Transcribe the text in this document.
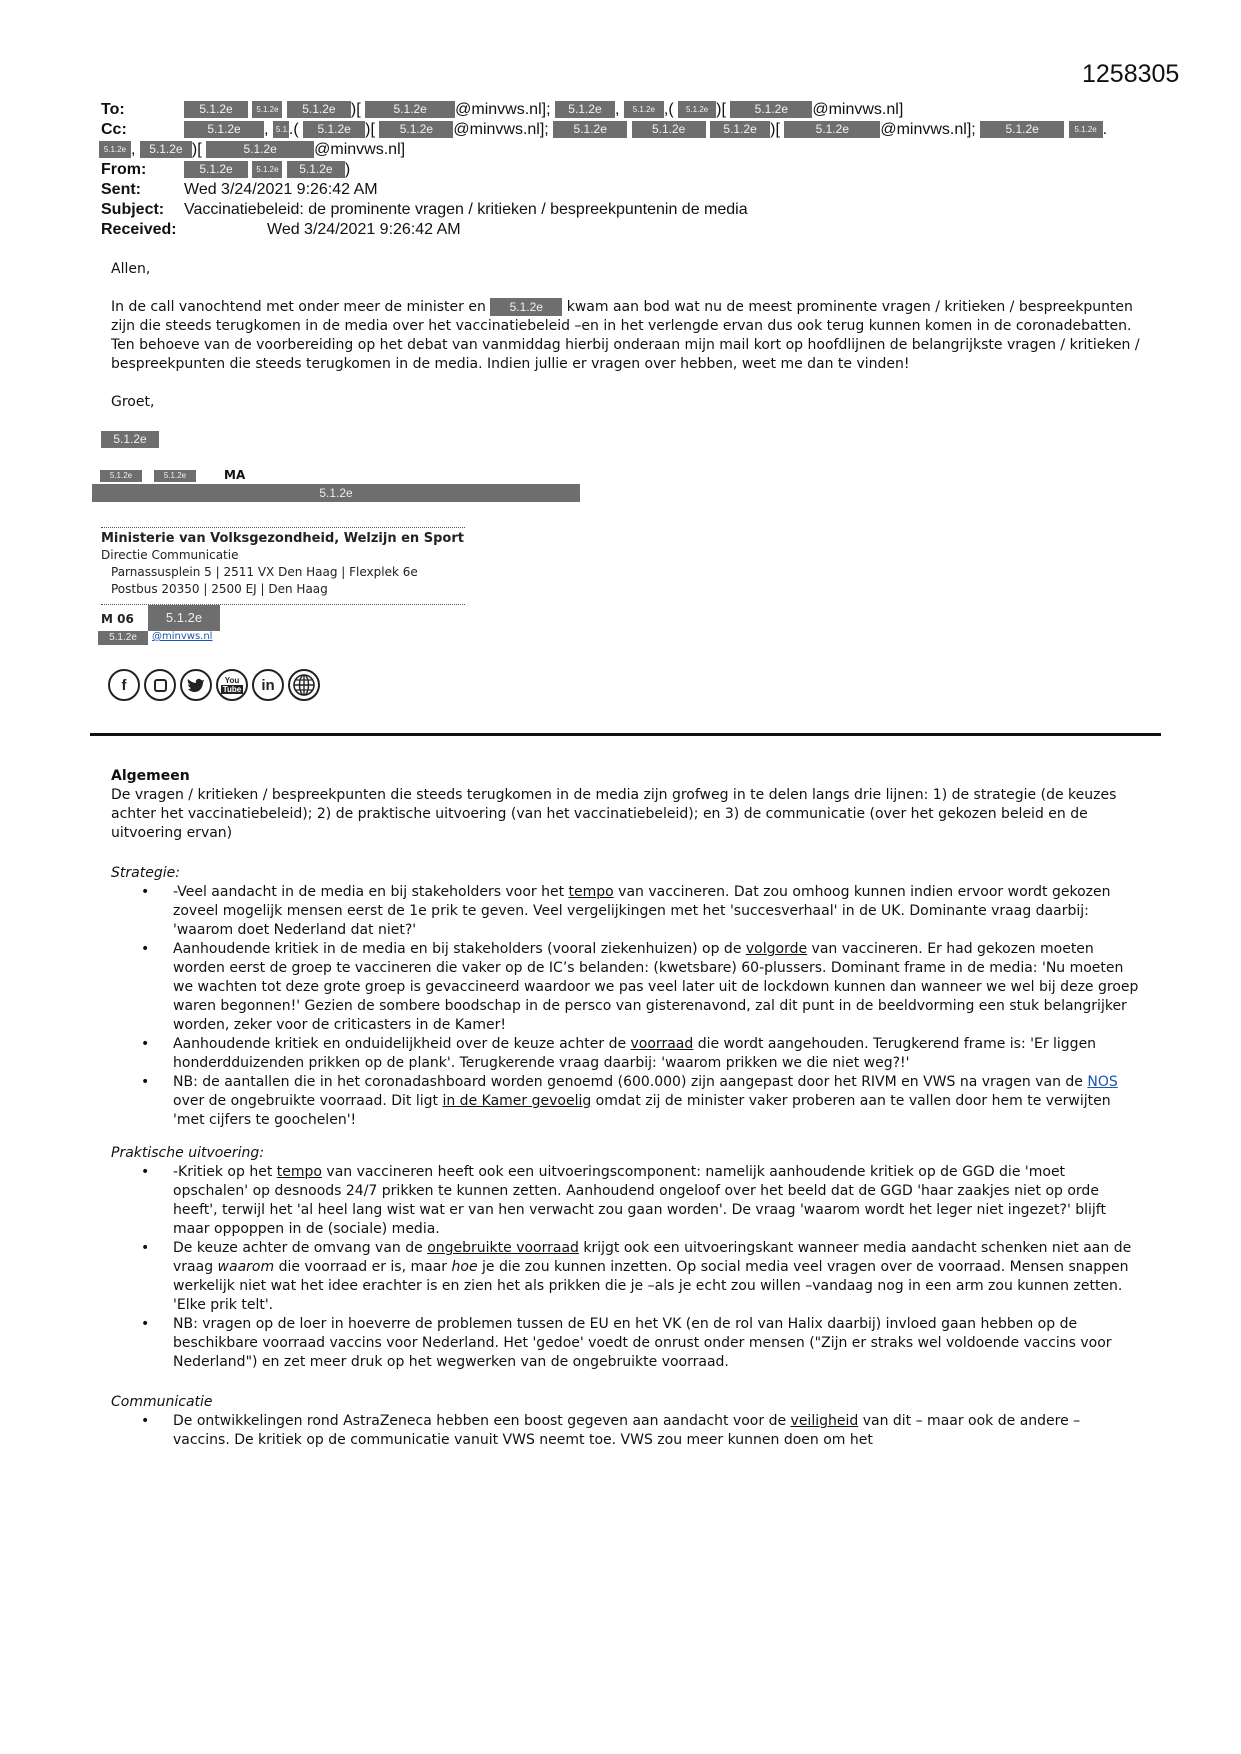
1258305
To:	5.1.2e	5.1.2e 5.1.2e )[	5.1.2e @minvws.nl]; 5.1.2e , 5.1.2e ,( 5.1.2e )[ 5.1.2e @minvws.nl]
Cc:	5.1.2e , 5.1.2.( 5.1.2e )[ 5.1.2e @minvws.nl]; 5.1.2e	5.1.2e	5.1.2e )[	5.1.2e @minvws.nl]; 5.1.2e	5.1.2e .
5.1.2e , 5.1.2e )[	5.1.2e @minvws.nl]
From:	5.1.2e	5.1.2e 5.1.2e )
Sent:	Wed 3/24/2021 9:26:42 AM
Subject: Vaccinatiebeleid: de prominente vragen / kritieken / bespreekpuntenin de media
Received:	Wed 3/24/2021 9:26:42 AM

Allen,

In de call vanochtend met onder meer de minister en 5.1.2e kwam aan bod wat nu de meest prominente vragen / kritieken / bespreekpunten zijn die steeds terugkomen in de media over het vaccinatiebeleid –en in het verlengde ervan dus ook terug kunnen komen in de coronadebatten. Ten behoeve van de voorbereiding op het debat van vanmiddag hierbij onderaan mijn mail kort op hoofdlijnen de belangrijkste vragen / kritieken / bespreekpunten die steeds terugkomen in de media. Indien jullie er vragen over hebben, weet me dan te vinden!

Groet,

5.1.2e
5.1.2e	5.1.2e	MA
5.1.2e
Ministerie van Volksgezondheid, Welzijn en Sport
Directie Communicatie
Parnassusplein 5 | 2511 VX Den Haag | Flexplek 6e
Postbus 20350 | 2500 EJ | Den Haag
M 06	5.1.2e
5.1.2e	@minvws.nl
f	You
Tube	in

Algemeen

De vragen / kritieken / bespreekpunten die steeds terugkomen in de media zijn grofweg in te delen langs drie lijnen: 1) de strategie (de keuzes achter het vaccinatiebeleid); 2) de praktische uitvoering (van het vaccinatiebeleid); en 3) de communicatie (over het gekozen beleid en de uitvoering ervan)

Strategie:

• -Veel aandacht in de media en bij stakeholders voor het tempo van vaccineren. Dat zou omhoog kunnen indien ervoor wordt gekozen zoveel mogelijk mensen eerst de 1e prik te geven. Veel vergelijkingen met het 'succesverhaal' in de UK. Dominante vraag daarbij: 'waarom doet Nederland dat niet?'
• Aanhoudende kritiek in de media en bij stakeholders (vooral ziekenhuizen) op de volgorde van vaccineren. Er had gekozen moeten worden eerst de groep te vaccineren die vaker op de IC’s belanden: (kwetsbare) 60-plussers. Dominant frame in de media: 'Nu moeten we wachten tot deze grote groep is gevaccineerd waardoor we pas veel later uit de lockdown kunnen dan wanneer we wel bij deze groep waren begonnen!' Gezien de sombere boodschap in de persco van gisterenavond, zal dit punt in de beeldvorming een stuk belangrijker worden, zeker voor de criticasters in de Kamer!
• Aanhoudende kritiek en onduidelijkheid over de keuze achter de voorraad die wordt aangehouden. Terugkerend frame is: 'Er liggen honderdduizenden prikken op de plank'. Terugkerende vraag daarbij: 'waarom prikken we die niet weg?!'
• NB: de aantallen die in het coronadashboard worden genoemd (600.000) zijn aangepast door het RIVM en VWS na vragen van de NOS over de ongebruikte voorraad. Dit ligt in de Kamer gevoelig omdat zij de minister vaker proberen aan te vallen door hem te verwijten 'met cijfers te goochelen'!

Praktische uitvoering:

• -Kritiek op het tempo van vaccineren heeft ook een uitvoeringscomponent: namelijk aanhoudende kritiek op de GGD die 'moet opschalen' op desnoods 24/7 prikken te kunnen zetten. Aanhoudend ongeloof over het beeld dat de GGD 'haar zaakjes niet op orde heeft', terwijl het 'al heel lang wist wat er van hen verwacht zou gaan worden'. De vraag 'waarom wordt het leger niet ingezet?' blijft maar oppoppen in de (sociale) media.
• De keuze achter de omvang van de ongebruikte voorraad krijgt ook een uitvoeringskant wanneer media aandacht schenken niet aan de vraag waarom die voorraad er is, maar hoe je die zou kunnen inzetten. Op social media veel vragen over de voorraad. Mensen snappen werkelijk niet wat het idee erachter is en zien het als prikken die je –als je echt zou willen –vandaag nog in een arm zou kunnen zetten. 'Elke prik telt'.
• NB: vragen op de loer in hoeverre de problemen tussen de EU en het VK (en de rol van Halix daarbij) invloed gaan hebben op de beschikbare voorraad vaccins voor Nederland. Het 'gedoe' voedt de onrust onder mensen ("Zijn er straks wel voldoende vaccins voor Nederland") en zet meer druk op het wegwerken van de ongebruikte voorraad.

Communicatie

• De ontwikkelingen rond AstraZeneca hebben een boost gegeven aan aandacht voor de veiligheid van dit – maar ook de andere – vaccins. De kritiek op de communicatie vanuit VWS neemt toe. VWS zou meer kunnen doen om het
